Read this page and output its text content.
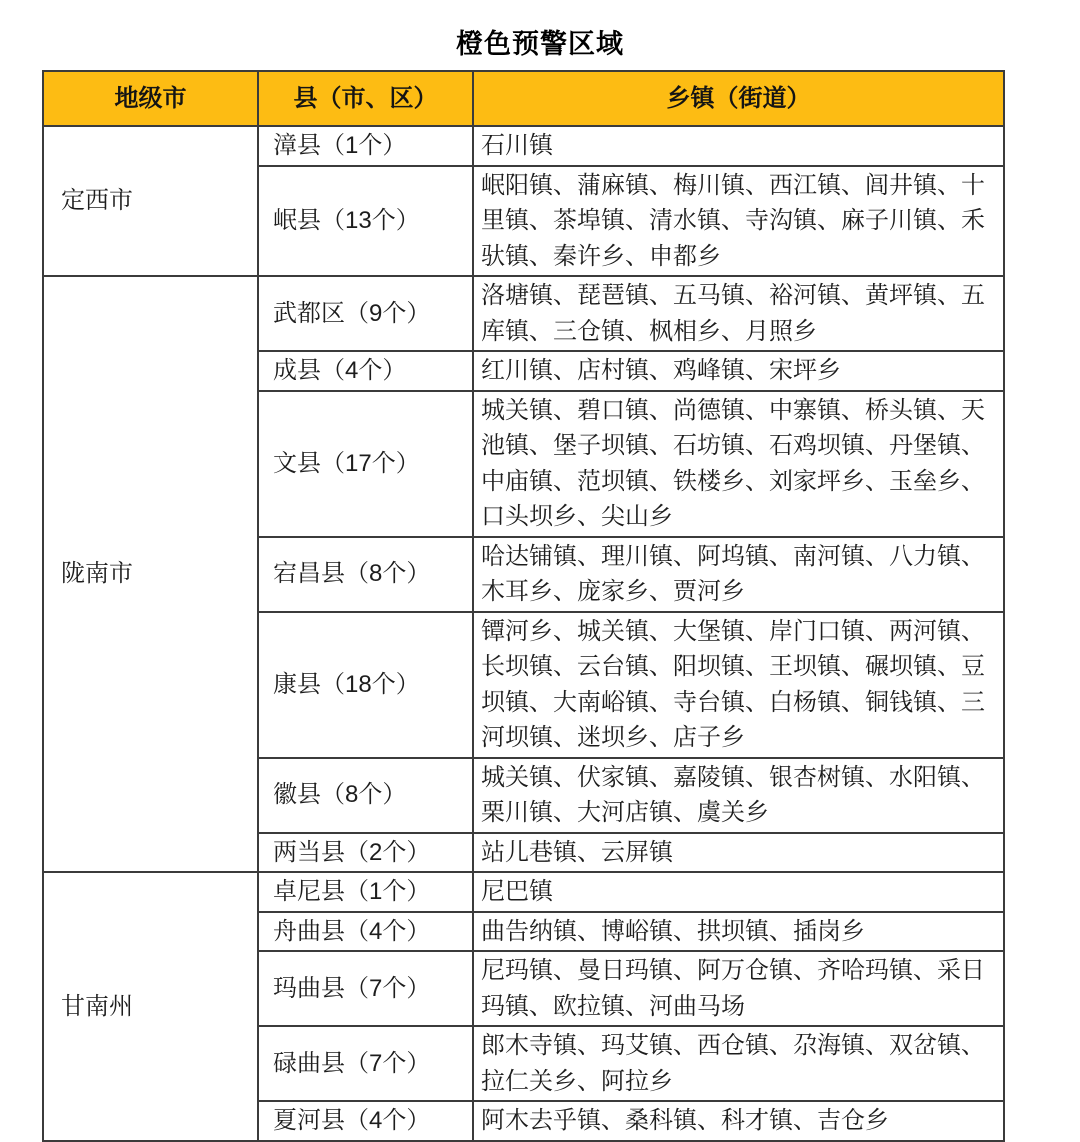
橙色预警区域
地级市	县（市、区）	乡镇（街道）
定西市	漳县（1个）	石川镇
	岷县（13个）	岷阳镇、蒲麻镇、梅川镇、西江镇、闾井镇、十里镇、茶埠镇、清水镇、寺沟镇、麻子川镇、禾驮镇、秦许乡、申都乡
陇南市	武都区（9个）	洛塘镇、琵琶镇、五马镇、裕河镇、黄坪镇、五库镇、三仓镇、枫相乡、月照乡
	成县（4个）	红川镇、店村镇、鸡峰镇、宋坪乡
	文县（17个）	城关镇、碧口镇、尚德镇、中寨镇、桥头镇、天池镇、堡子坝镇、石坊镇、石鸡坝镇、丹堡镇、中庙镇、范坝镇、铁楼乡、刘家坪乡、玉垒乡、口头坝乡、尖山乡
	宕昌县（8个）	哈达铺镇、理川镇、阿坞镇、南河镇、八力镇、木耳乡、庞家乡、贾河乡
	康县（18个）	镡河乡、城关镇、大堡镇、岸门口镇、两河镇、长坝镇、云台镇、阳坝镇、王坝镇、碾坝镇、豆坝镇、大南峪镇、寺台镇、白杨镇、铜钱镇、三河坝镇、迷坝乡、店子乡
	徽县（8个）	城关镇、伏家镇、嘉陵镇、银杏树镇、水阳镇、栗川镇、大河店镇、虞关乡
	两当县（2个）	站儿巷镇、云屏镇
甘南州	卓尼县（1个）	尼巴镇
	舟曲县（4个）	曲告纳镇、博峪镇、拱坝镇、插岗乡
	玛曲县（7个）	尼玛镇、曼日玛镇、阿万仓镇、齐哈玛镇、采日玛镇、欧拉镇、河曲马场
	碌曲县（7个）	郎木寺镇、玛艾镇、西仓镇、尕海镇、双岔镇、拉仁关乡、阿拉乡
	夏河县（4个）	阿木去乎镇、桑科镇、科才镇、吉仓乡
